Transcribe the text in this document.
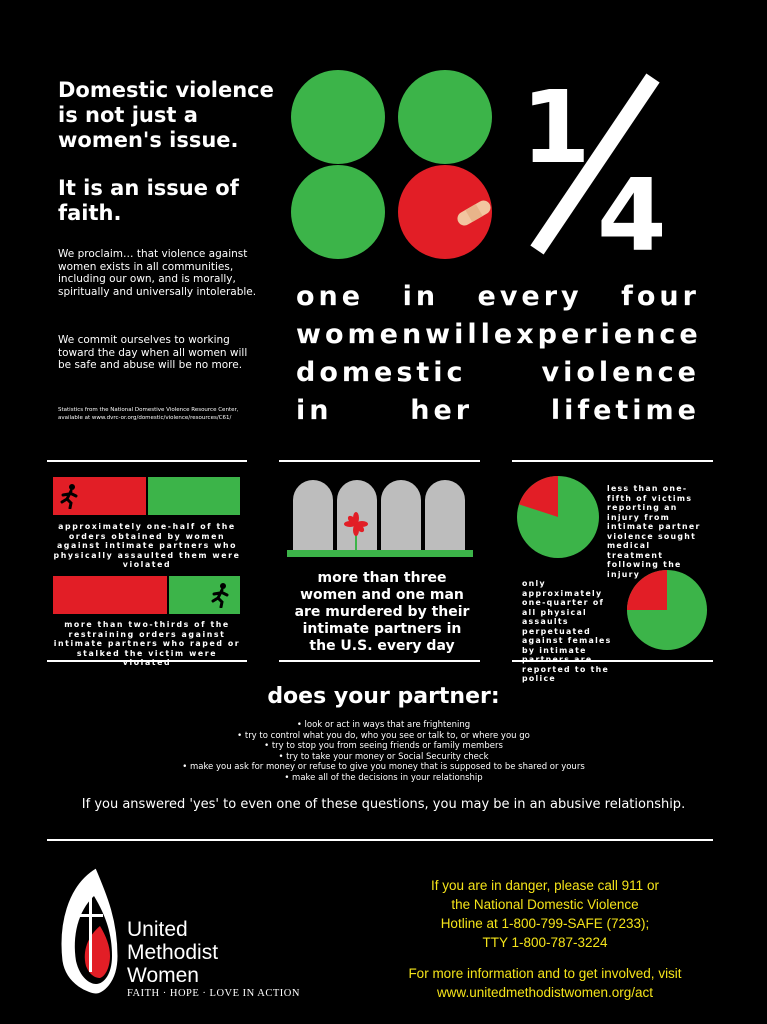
Domestic violence is not just a women's issue.
It is an issue of faith.
We proclaim… that violence against women exists in all communities, including our own, and is morally, spiritually and universally intolerable.
We commit ourselves to working toward the day when all women will be safe and abuse will be no more.
Statistics from the National Domestive Violence Resource Center, available at www.dvrc-or.org/domestic/violence/resources/C61/
1
4
one in every four
women will experience
domestic	violence
in	her	lifetime
approximately one-half of the orders obtained by women against intimate partners who physically assaulted them were violated
more than two-thirds of the restraining orders against intimate partners who raped or stalked the victim were violated
more than three women and one man are murdered by their intimate partners in the U.S. every day
less than one-fifth of victims reporting an injury from intimate partner violence sought medical treatment following the injury
only approximately one-quarter of all physical assaults perpetuated against females by intimate partners are reported to the police
does your partner:
• look or act in ways that are frightening
• try to control what you do, who you see or talk to, or where you go
• try to stop you from seeing friends or family members
• try to take your money or Social Security check
• make you ask for money or refuse to give you money that is supposed to be shared or yours
• make all of the decisions in your relationship
If you answered 'yes' to even one of these questions, you may be in an abusive relationship.
United
Methodist
Women
FAITH · HOPE · LOVE IN ACTION
If you are in danger, please call 911 or
the National Domestic Violence
Hotline at 1-800-799-SAFE (7233);
TTY 1-800-787-3224
For more information and to get involved, visit
www.unitedmethodistwomen.org/act
